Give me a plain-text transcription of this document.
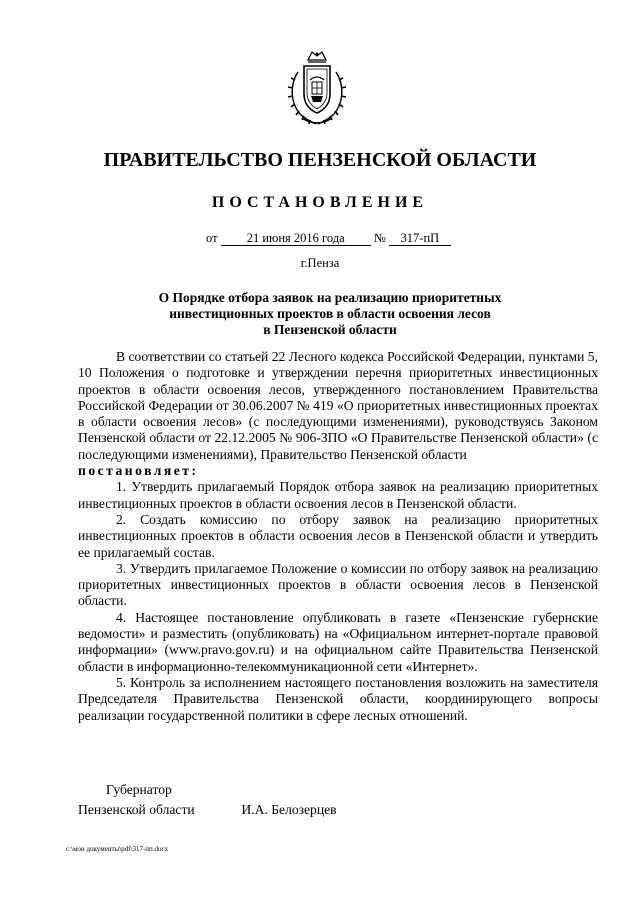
ПРАВИТЕЛЬСТВО ПЕНЗЕНСКОЙ ОБЛАСТИ
ПОСТАНОВЛЕНИЕ
от 21 июня 2016 года № 317-пП
г.Пенза
О Порядке отбора заявок на реализацию приоритетных
инвестиционных проектов в области освоения лесов
в Пензенской области

В соответствии со статьей 22 Лесного кодекса Российской Федерации, пунктами 5, 10 Положения о подготовке и утверждении перечня приоритетных инвестиционных проектов в области освоения лесов, утвержденного постановлением Правительства Российской Федерации от 30.06.2007 № 419 «О приоритетных инвестиционных проектах в области освоения лесов» (с последующими изменениями), руководствуясь Законом Пензенской области от 22.12.2005 № 906-ЗПО «О Правительстве Пензенской области» (с последующими изменениями), Правительство Пензенской области

постановляет:

1. Утвердить прилагаемый Порядок отбора заявок на реализацию приоритетных инвестиционных проектов в области освоения лесов в Пензенской области.

2. Создать комиссию по отбору заявок на реализацию приоритетных инвестиционных проектов в области освоения лесов в Пензенской области и утвердить ее прилагаемый состав.

3. Утвердить прилагаемое Положение о комиссии по отбору заявок на реализацию приоритетных инвестиционных проектов в области освоения лесов в Пензенской области.

4. Настоящее постановление опубликовать в газете «Пензенские губернские ведомости» и разместить (опубликовать) на «Официальном интернет-портале правовой информации» (www.pravo.gov.ru) и на официальном сайте Правительства Пензенской области в информационно-телекоммуникационной сети «Интернет».

5. Контроль за исполнением настоящего постановления возложить на заместителя Председателя Правительства Пензенской области, координирующего вопросы реализации государственной политики в сфере лесных отношений.

Губернатор
Пензенской области	И.А. Белозерцев
c:\мои документы\pdf\317-пп.docx
